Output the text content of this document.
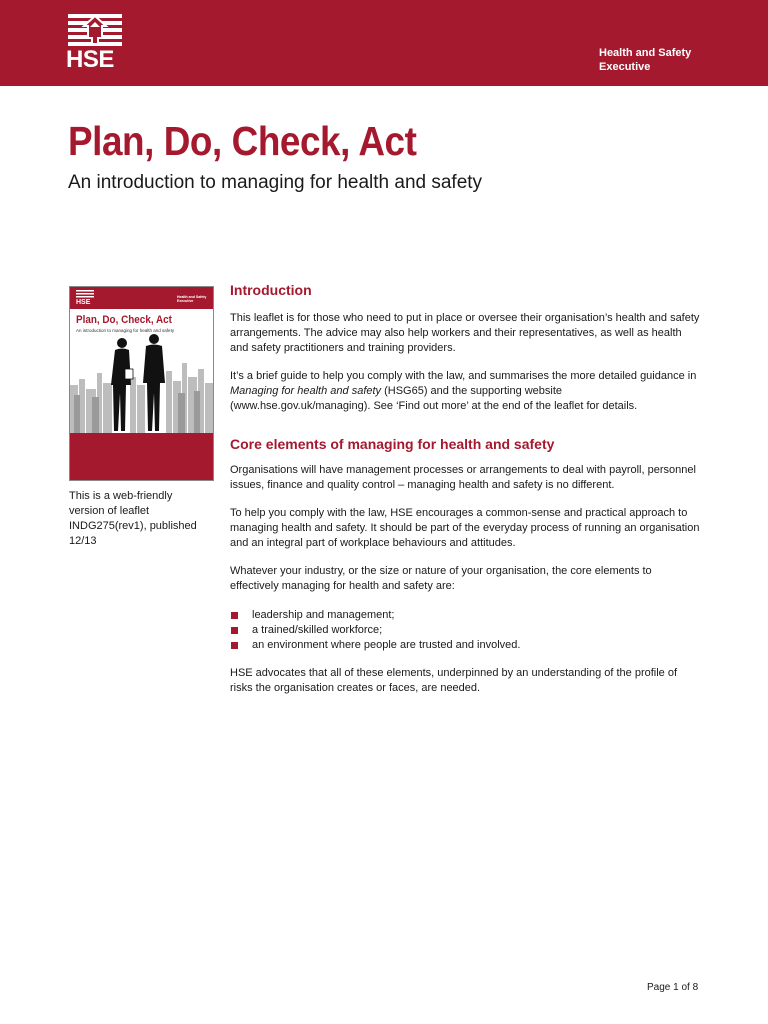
HSE	Health and Safety
Executive
Plan, Do, Check, Act
An introduction to managing for health and safety
HSE
Health and Safety
Executive
Plan, Do, Check, Act
An introduction to managing for health and safety
This is a web-friendly version of leaflet INDG275(rev1), published 12/13
Introduction

This leaflet is for those who need to put in place or oversee their organisation’s health and safety arrangements. The advice may also help workers and their representatives, as well as health and safety practitioners and training providers.

It’s a brief guide to help you comply with the law, and summarises the more detailed guidance in Managing for health and safety (HSG65) and the supporting website (www.hse.gov.uk/managing). See ‘Find out more’ at the end of the leaflet for details.

Core elements of managing for health and safety

Organisations will have management processes or arrangements to deal with payroll, personnel issues, finance and quality control – managing health and safety is no different.

To help you comply with the law, HSE encourages a common-sense and practical approach to managing health and safety. It should be part of the everyday process of running an organisation and an integral part of workplace behaviours and attitudes.

Whatever your industry, or the size or nature of your organisation, the core elements to effectively managing for health and safety are:

leadership and management;
a trained/skilled workforce;
an environment where people are trusted and involved.

HSE advocates that all of these elements, underpinned by an understanding of the profile of risks the organisation creates or faces, are needed.

Page 1 of 8
